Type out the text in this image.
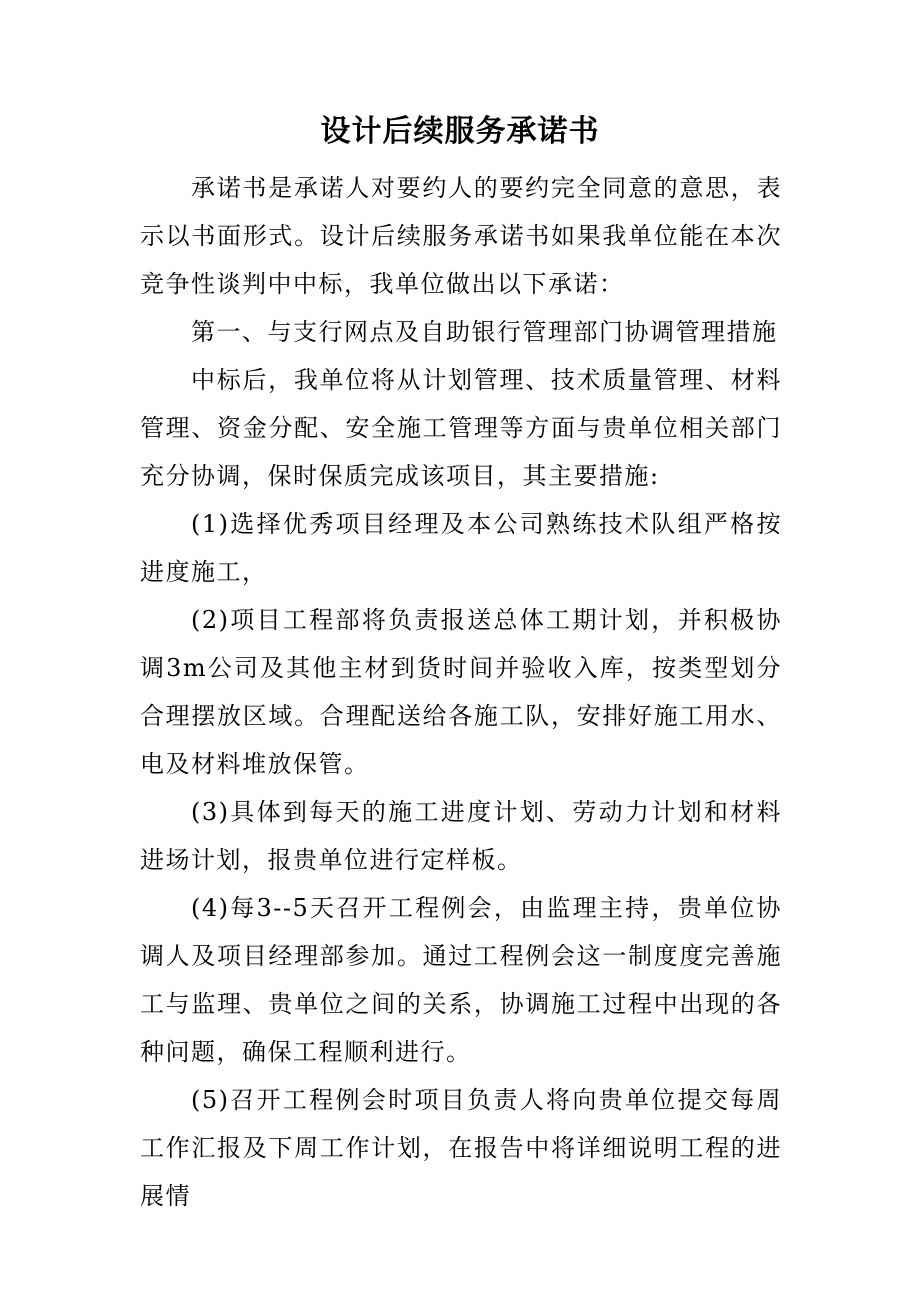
设计后续服务承诺书

承诺书是承诺人对要约人的要约完全同意的意思，表示以书面形式。设计后续服务承诺书如果我单位能在本次竞争性谈判中中标，我单位做出以下承诺：

第一、与支行网点及自助银行管理部门协调管理措施

中标后，我单位将从计划管理、技术质量管理、材料管理、资金分配、安全施工管理等方面与贵单位相关部门充分协调，保时保质完成该项目，其主要措施:

(1)选择优秀项目经理及本公司熟练技术队组严格按进度施工，

(2)项目工程部将负责报送总体工期计划，并积极协调3m公司及其他主材到货时间并验收入库，按类型划分合理摆放区域。合理配送给各施工队，安排好施工用水、电及材料堆放保管。

(3)具体到每天的施工进度计划、劳动力计划和材料进场计划，报贵单位进行定样板。

(4)每3--5天召开工程例会，由监理主持，贵单位协调人及项目经理部参加。通过工程例会这一制度度完善施工与监理、贵单位之间的关系，协调施工过程中出现的各种问题，确保工程顺利进行。

(5)召开工程例会时项目负责人将向贵单位提交每周工作汇报及下周工作计划，在报告中将详细说明工程的进展情
